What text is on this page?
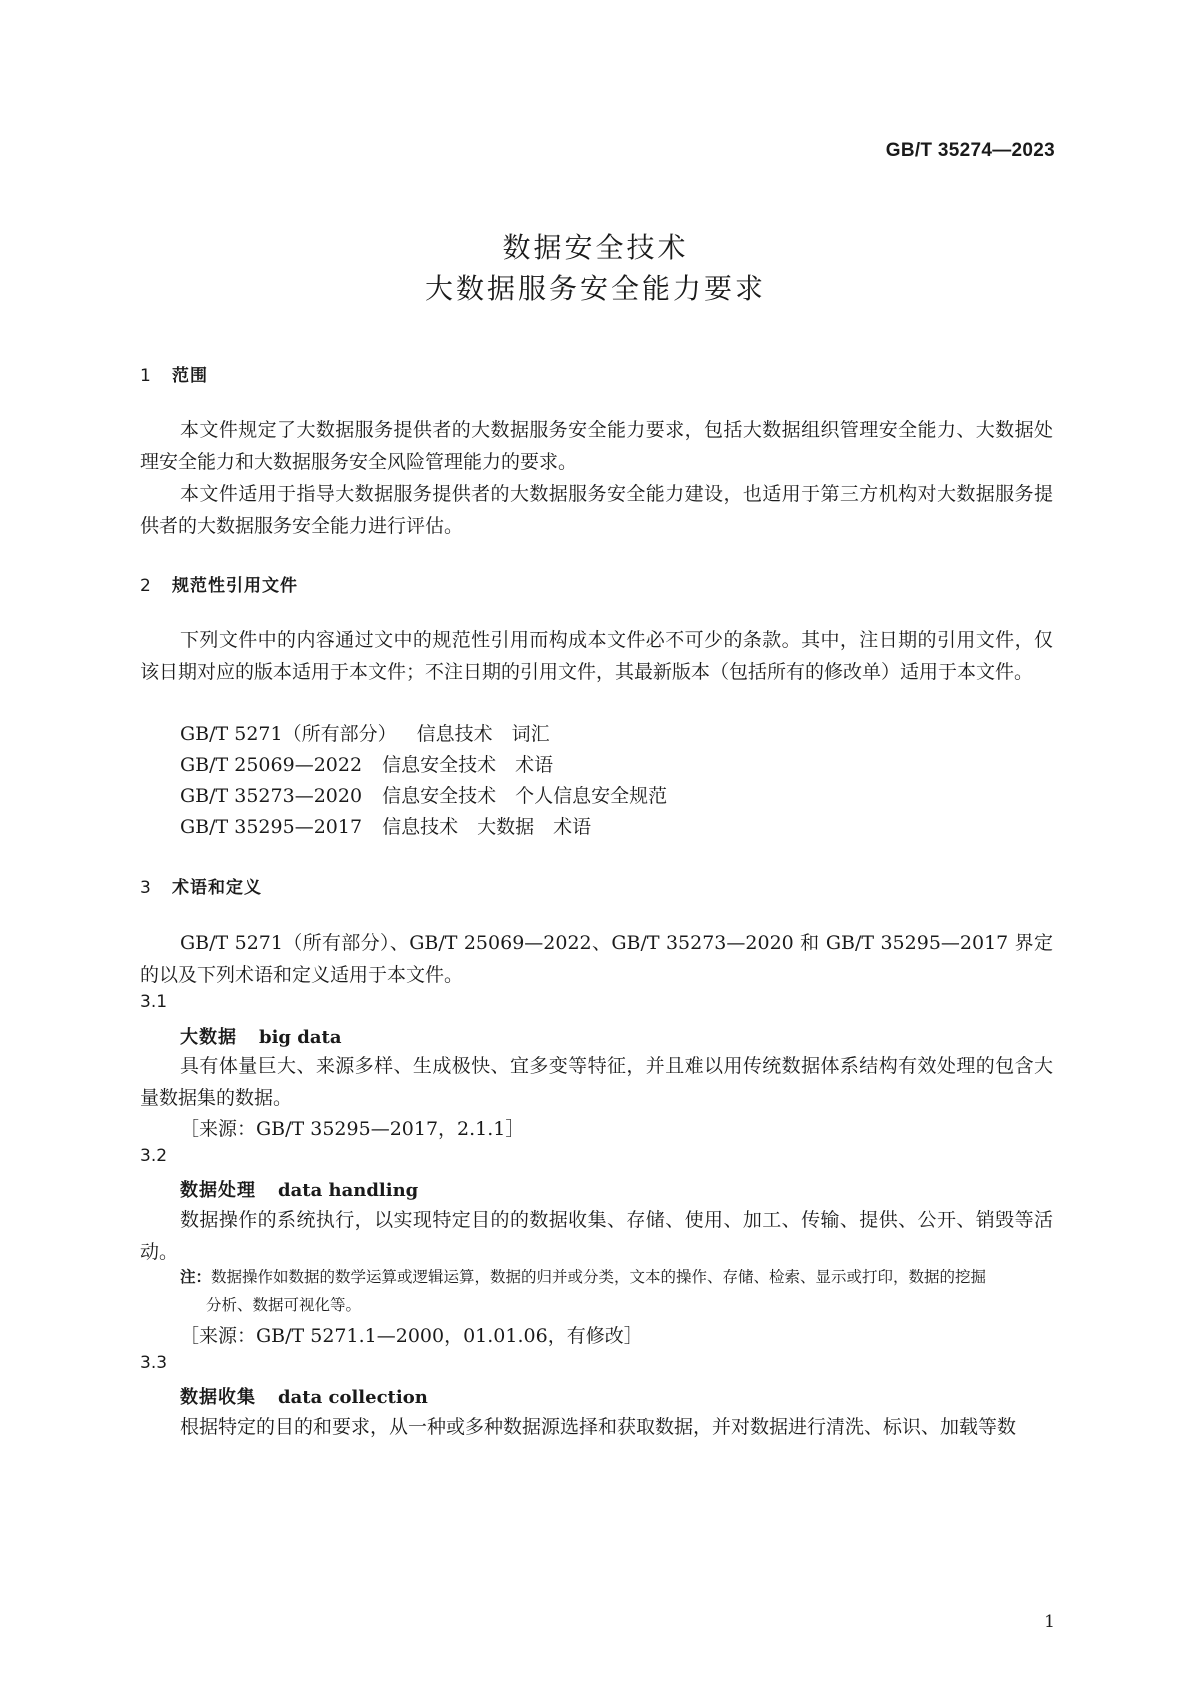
GB/T 35274—2023
数据安全技术
大数据服务安全能力要求
1 范围
本文件规定了大数据服务提供者的大数据服务安全能力要求，包括大数据组织管理安全能力、大数据处理安全能力和大数据服务安全风险管理能力的要求。
本文件适用于指导大数据服务提供者的大数据服务安全能力建设，也适用于第三方机构对大数据服务提供者的大数据服务安全能力进行评估。
2 规范性引用文件
下列文件中的内容通过文中的规范性引用而构成本文件必不可少的条款。其中，注日期的引用文件，仅该日期对应的版本适用于本文件；不注日期的引用文件，其最新版本（包括所有的修改单）适用于本文件。
GB/T 5271（所有部分） 信息技术　词汇
GB/T 25069—2022 信息安全技术　术语
GB/T 35273—2020 信息安全技术　个人信息安全规范
GB/T 35295—2017 信息技术　大数据　术语
3 术语和定义
GB/T 5271（所有部分）、GB/T 25069—2022、GB/T 35273—2020 和 GB/T 35295—2017 界定的以及下列术语和定义适用于本文件。
3.1
大数据 big data
具有体量巨大、来源多样、生成极快、宜多变等特征，并且难以用传统数据体系结构有效处理的包含大量数据集的数据。
［来源：GB/T 35295—2017，2.1.1］
3.2
数据处理 data handling
数据操作的系统执行，以实现特定目的的数据收集、存储、使用、加工、传输、提供、公开、销毁等活动。
注：数据操作如数据的数学运算或逻辑运算，数据的归并或分类，文本的操作、存储、检索、显示或打印，数据的挖掘
分析、数据可视化等。
［来源：GB/T 5271.1—2000，01.01.06，有修改］
3.3
数据收集 data collection
根据特定的目的和要求，从一种或多种数据源选择和获取数据，并对数据进行清洗、标识、加载等数
1
